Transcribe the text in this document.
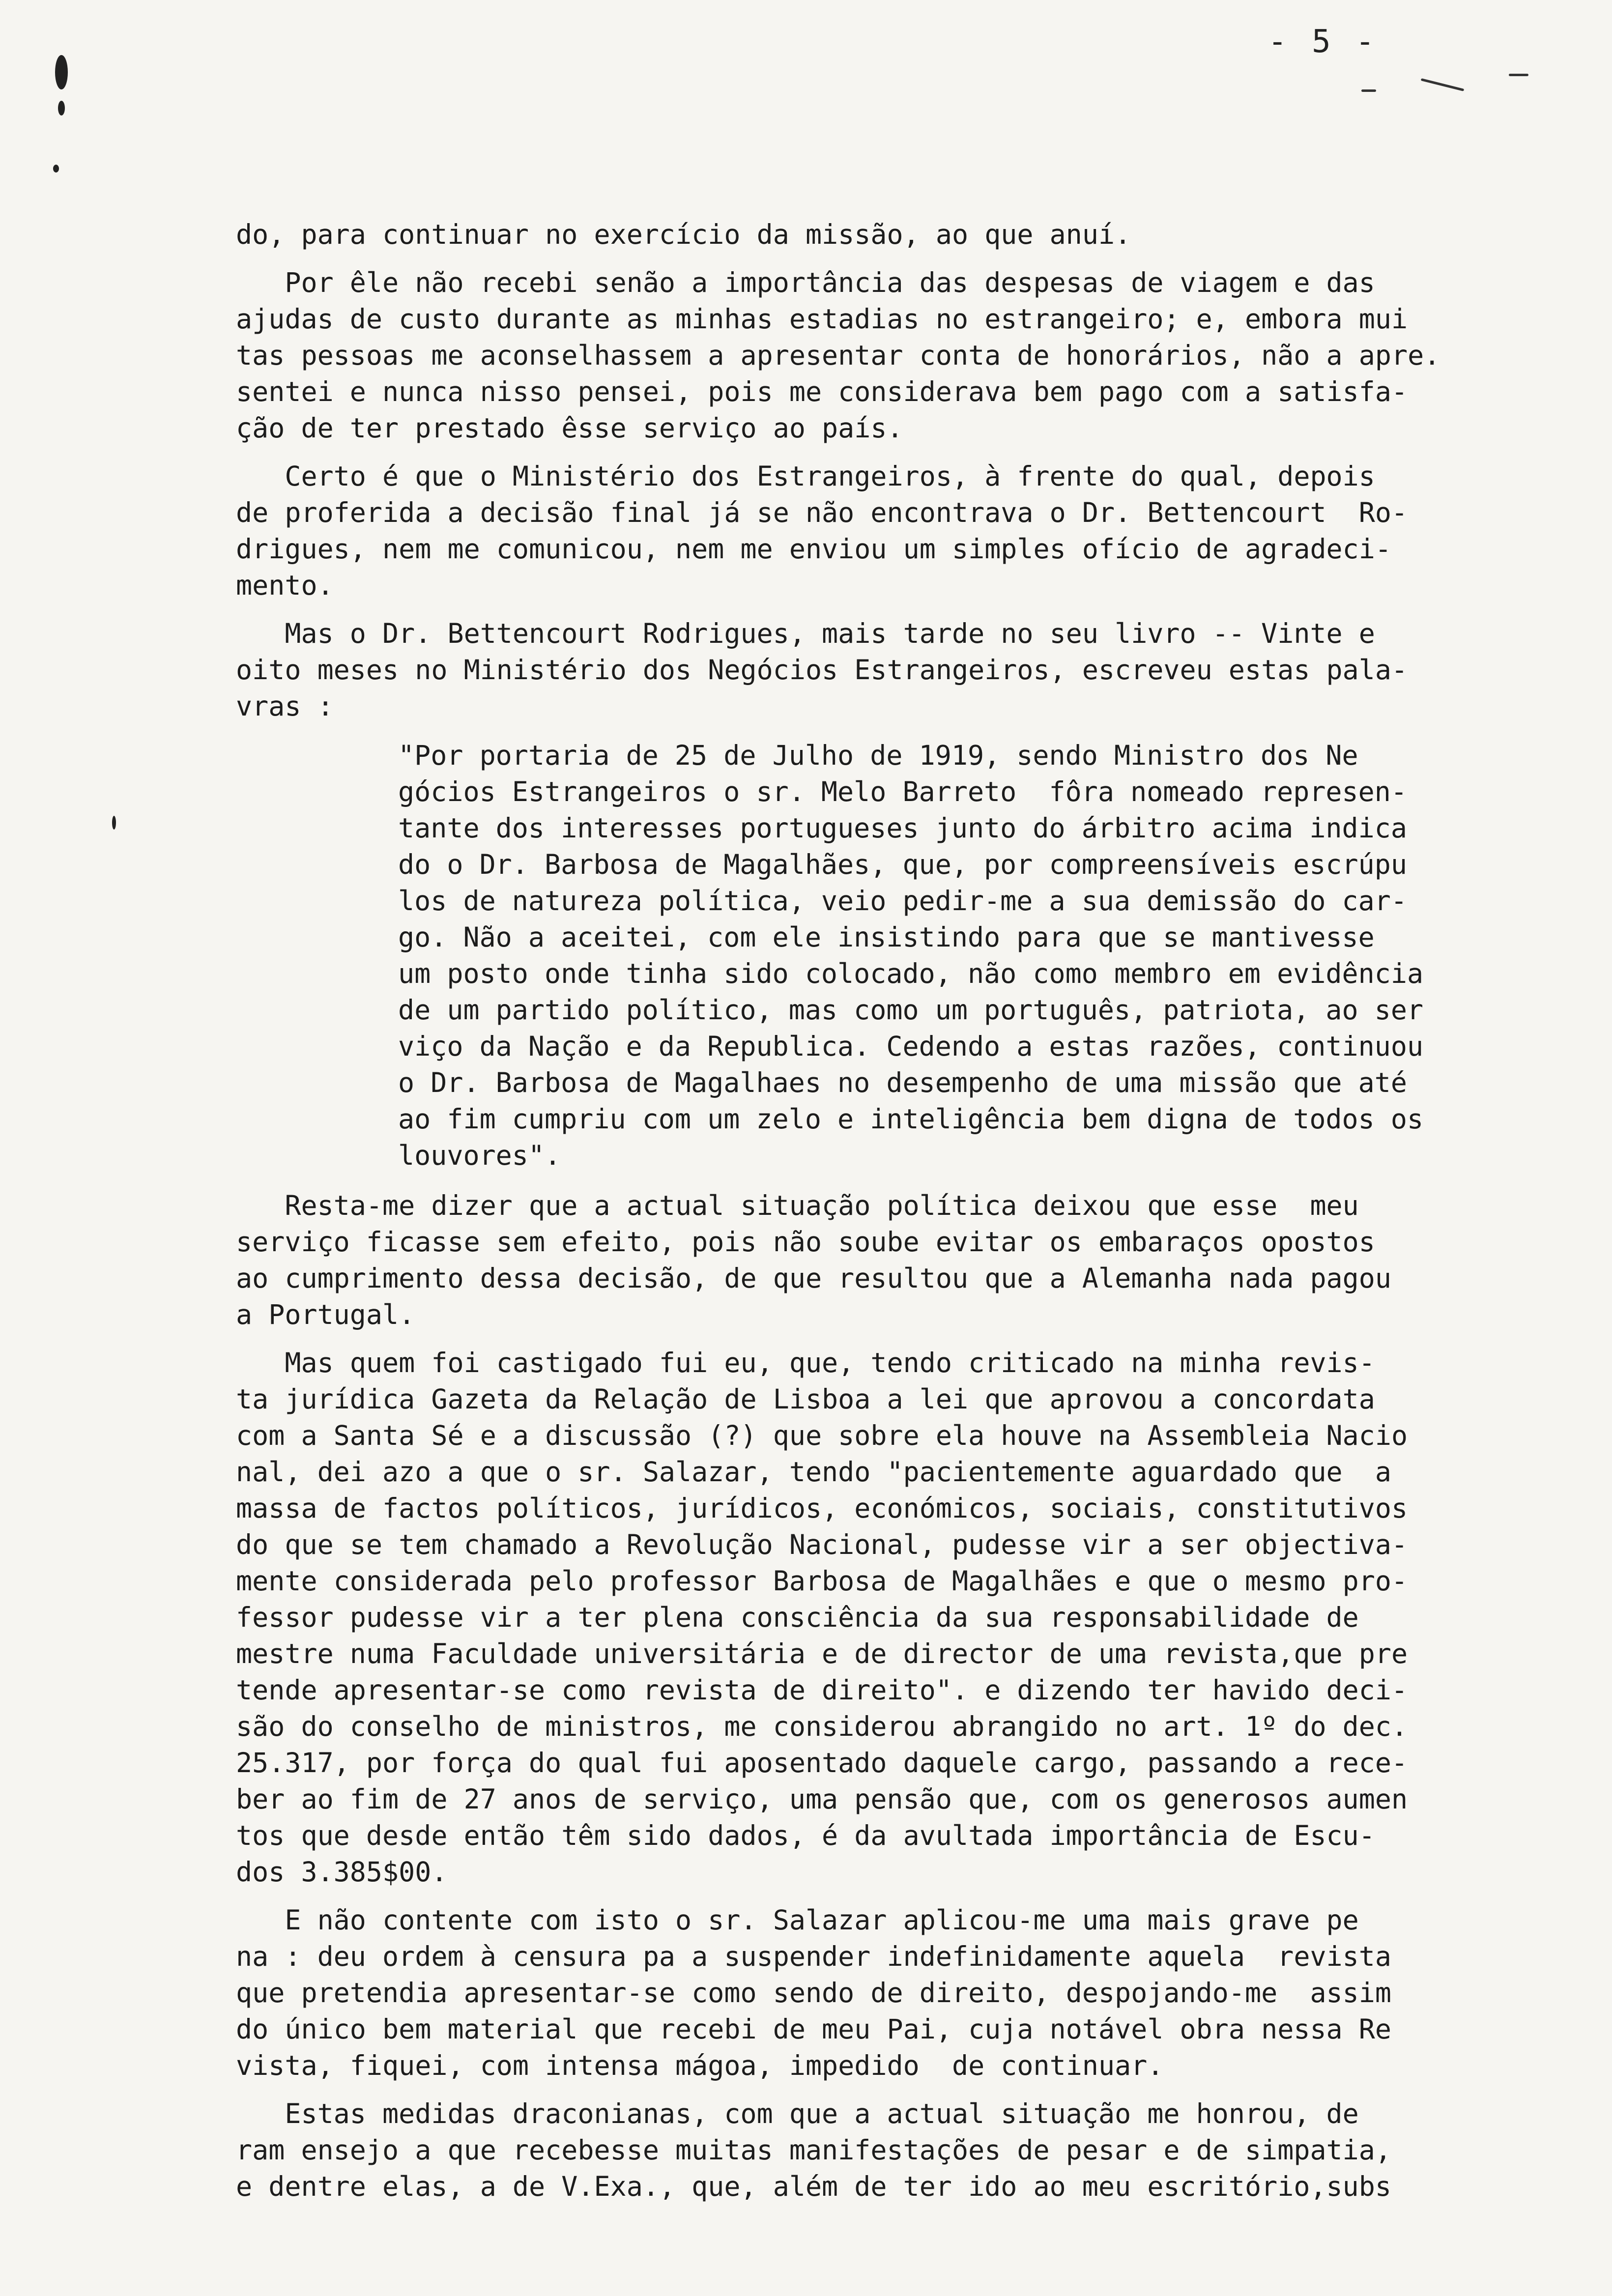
- 5 -
do, para continuar no exercício da missão, ao que anuí.
Por êle não recebi senão a importância das despesas de viagem e das
ajudas de custo durante as minhas estadias no estrangeiro; e, embora mui
tas pessoas me aconselhassem a apresentar conta de honorários, não a apre.
sentei e nunca nisso pensei, pois me considerava bem pago com a satisfa-
ção de ter prestado êsse serviço ao país.
Certo é que o Ministério dos Estrangeiros, à frente do qual, depois
de proferida a decisão final já se não encontrava o Dr. Bettencourt  Ro-
drigues, nem me comunicou, nem me enviou um simples ofício de agradeci-
mento.
Mas o Dr. Bettencourt Rodrigues, mais tarde no seu livro -- Vinte e
oito meses no Ministério dos Negócios Estrangeiros, escreveu estas pala-
vras :
"Por portaria de 25 de Julho de 1919, sendo Ministro dos Ne
gócios Estrangeiros o sr. Melo Barreto  fôra nomeado represen-
tante dos interesses portugueses junto do árbitro acima indica
do o Dr. Barbosa de Magalhães, que, por compreensíveis escrúpu
los de natureza política, veio pedir-me a sua demissão do car-
go. Não a aceitei, com ele insistindo para que se mantivesse
um posto onde tinha sido colocado, não como membro em evidência
de um partido político, mas como um português, patriota, ao ser
viço da Nação e da Republica. Cedendo a estas razões, continuou
o Dr. Barbosa de Magalhaes no desempenho de uma missão que até
ao fim cumpriu com um zelo e inteligência bem digna de todos os
louvores".
Resta-me dizer que a actual situação política deixou que esse  meu
serviço ficasse sem efeito, pois não soube evitar os embaraços opostos
ao cumprimento dessa decisão, de que resultou que a Alemanha nada pagou
a Portugal.
Mas quem foi castigado fui eu, que, tendo criticado na minha revis-
ta jurídica Gazeta da Relação de Lisboa a lei que aprovou a concordata
com a Santa Sé e a discussão (?) que sobre ela houve na Assembleia Nacio
nal, dei azo a que o sr. Salazar, tendo "pacientemente aguardado que  a
massa de factos políticos, jurídicos, económicos, sociais, constitutivos
do que se tem chamado a Revolução Nacional, pudesse vir a ser objectiva-
mente considerada pelo professor Barbosa de Magalhães e que o mesmo pro-
fessor pudesse vir a ter plena consciência da sua responsabilidade de
mestre numa Faculdade universitária e de director de uma revista,que pre
tende apresentar-se como revista de direito". e dizendo ter havido deci-
são do conselho de ministros, me considerou abrangido no art. 1º do dec.
25.317, por força do qual fui aposentado daquele cargo, passando a rece-
ber ao fim de 27 anos de serviço, uma pensão que, com os generosos aumen
tos que desde então têm sido dados, é da avultada importância de Escu-
dos 3.385$00.
E não contente com isto o sr. Salazar aplicou-me uma mais grave pe
na : deu ordem à censura pa a suspender indefinidamente aquela  revista
que pretendia apresentar-se como sendo de direito, despojando-me  assim
do único bem material que recebi de meu Pai, cuja notável obra nessa Re
vista, fiquei, com intensa mágoa, impedido  de continuar.
Estas medidas draconianas, com que a actual situação me honrou, de
ram ensejo a que recebesse muitas manifestações de pesar e de simpatia,
e dentre elas, a de V.Exa., que, além de ter ido ao meu escritório,subs
